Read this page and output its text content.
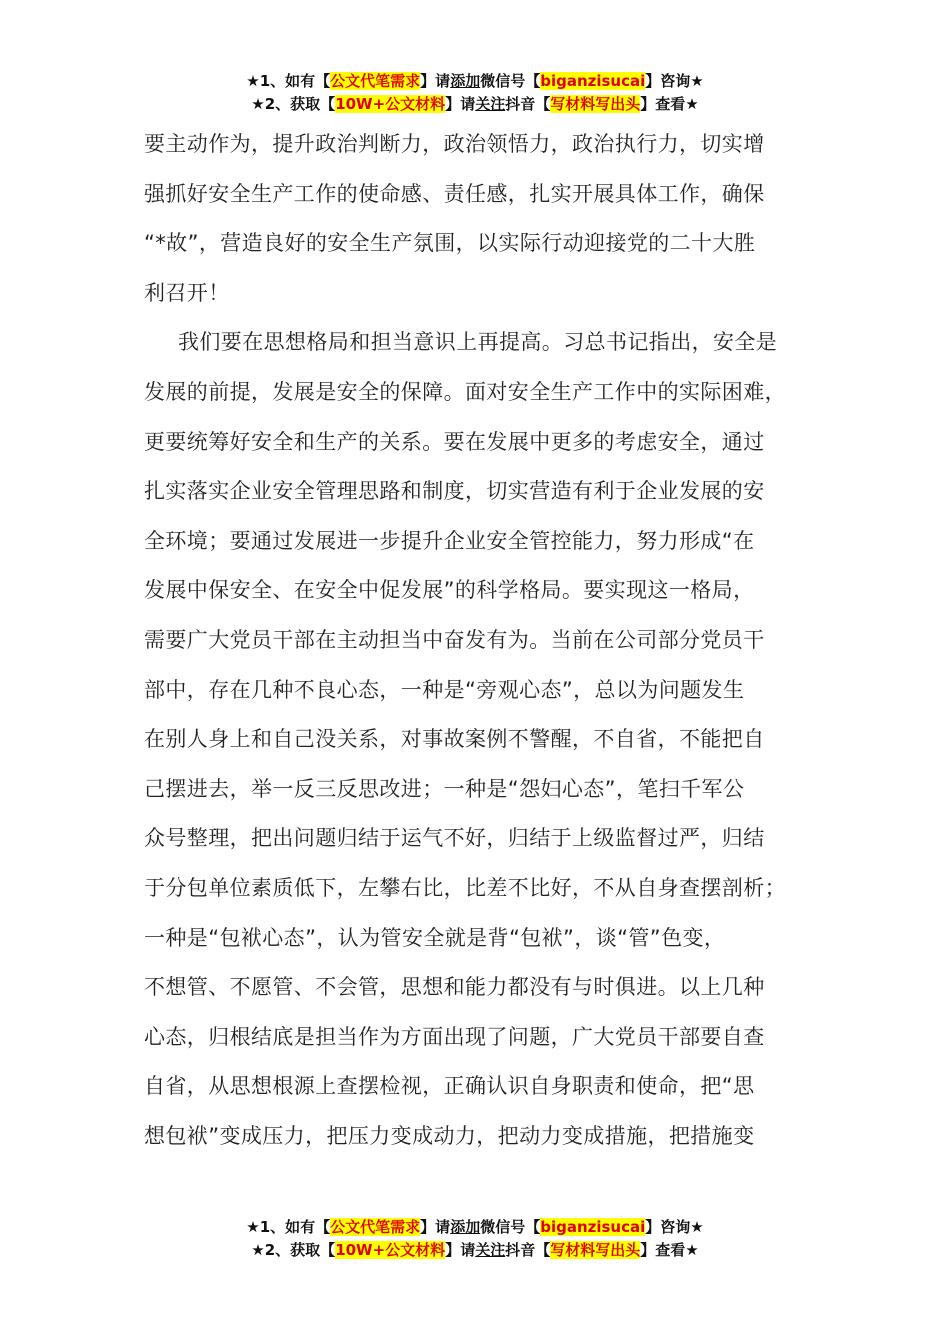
★1、如有【公文代笔需求】请添加微信号【biganzisucai】咨询★
★2、获取【10W+公文材料】请关注抖音【写材料写出头】查看★
要主动作为，提升政治判断力，政治领悟力，政治执行力，切实增
强抓好安全生产工作的使命感、责任感，扎实开展具体工作，确保
“*故”，营造良好的安全生产氛围，以实际行动迎接党的二十大胜
利召开！
我们要在思想格局和担当意识上再提高。习总书记指出，安全是
发展的前提，发展是安全的保障。面对安全生产工作中的实际困难，
更要统筹好安全和生产的关系。要在发展中更多的考虑安全，通过
扎实落实企业安全管理思路和制度，切实营造有利于企业发展的安
全环境；要通过发展进一步提升企业安全管控能力，努力形成“在
发展中保安全、在安全中促发展”的科学格局。要实现这一格局，
需要广大党员干部在主动担当中奋发有为。当前在公司部分党员干
部中，存在几种不良心态，一种是“旁观心态”，总以为问题发生
在别人身上和自己没关系，对事故案例不警醒，不自省，不能把自
己摆进去，举一反三反思改进；一种是“怨妇心态”，笔扫千军公
众号整理，把出问题归结于运气不好，归结于上级监督过严，归结
于分包单位素质低下，左攀右比，比差不比好，不从自身查摆剖析；
一种是“包袱心态”，认为管安全就是背“包袱”，谈“管”色变，
不想管、不愿管、不会管，思想和能力都没有与时俱进。以上几种
心态，归根结底是担当作为方面出现了问题，广大党员干部要自查
自省，从思想根源上查摆检视，正确认识自身职责和使命，把“思
想包袱”变成压力，把压力变成动力，把动力变成措施，把措施变
★1、如有【公文代笔需求】请添加微信号【biganzisucai】咨询★
★2、获取【10W+公文材料】请关注抖音【写材料写出头】查看★
